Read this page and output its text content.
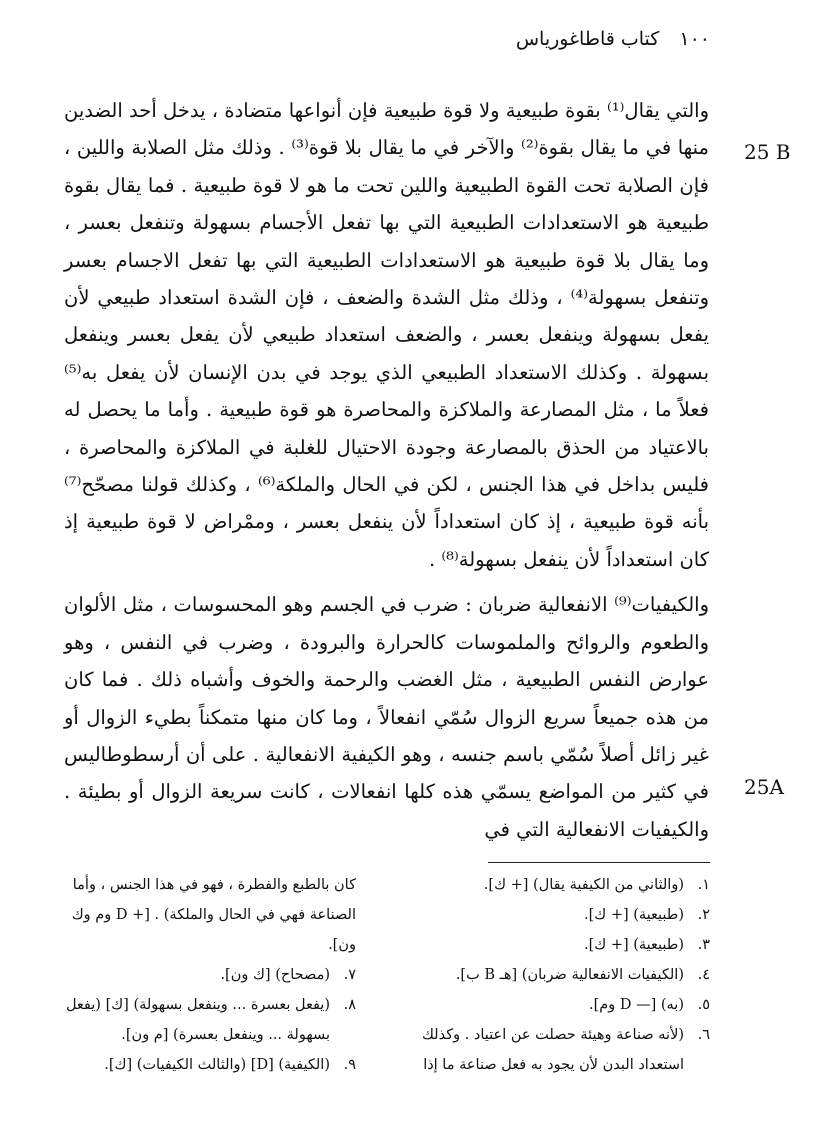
١٠٠ كتاب قاطاغورياس
25 B
25A

والتي يقال⁽¹⁾ بقوة طبيعية ولا قوة طبيعية فإن أنواعها متضادة ، يدخل أحد الضدين منها في ما يقال بقوة⁽²⁾ والآخر في ما يقال بلا قوة⁽³⁾ . وذلك مثل الصلابة واللين ، فإن الصلابة تحت القوة الطبيعية واللين تحت ما هو لا قوة طبيعية . فما يقال بقوة طبيعية هو الاستعدادات الطبيعية التي بها تفعل الأجسام بسهولة وتنفعل بعسر ، وما يقال بلا قوة طبيعية هو الاستعدادات الطبيعية التي بها تفعل الاجسام بعسر وتنفعل بسهولة⁽⁴⁾ ، وذلك مثل الشدة والضعف ، فإن الشدة استعداد طبيعي لأن يفعل بسهولة وينفعل بعسر ، والضعف استعداد طبيعي لأن يفعل بعسر وينفعل بسهولة . وكذلك الاستعداد الطبيعي الذي يوجد في بدن الإنسان لأن يفعل به⁽⁵⁾ فعلاً ما ، مثل المصارعة والملاكزة والمحاصرة هو قوة طبيعية . وأما ما يحصل له بالاعتياد من الحذق بالمصارعة وجودة الاحتيال للغلبة في الملاكزة والمحاصرة ، فليس بداخل في هذا الجنس ، لكن في الحال والملكة⁽⁶⁾ ، وكذلك قولنا مصحّح⁽⁷⁾ بأنه قوة طبيعية ، إذ كان استعداداً لأن ينفعل بعسر ، وممْراض لا قوة طبيعية إذ كان استعداداً لأن ينفعل بسهولة⁽⁸⁾ .

والكيفيات⁽⁹⁾ الانفعالية ضربان : ضرب في الجسم وهو المحسوسات ، مثل الألوان والطعوم والروائح والملموسات كالحرارة والبرودة ، وضرب في النفس ، وهو عوارض النفس الطبيعية ، مثل الغضب والرحمة والخوف وأشباه ذلك . فما كان من هذه جميعاً سريع الزوال سُمّي انفعالاً ، وما كان منها متمكناً بطيء الزوال أو غير زائل أصلاً سُمّي باسم جنسه ، وهو الكيفية الانفعالية . على أن أرسطوطاليس في كثير من المواضع يسمّي هذه كلها انفعالات ، كانت سريعة الزوال أو بطيئة . والكيفيات الانفعالية التي في

١.
(والثاني من الكيفية يقال) [+ ك].
٢.
(طبيعية) [+ ك].
٣.
(طبيعية) [+ ك].
٤.
(الكيفيات الانفعالية ضربان) [هـ B ب].
٥.
(به) [— D وم].
٦.
(لأنه صناعة وهيئة حصلت عن اعتياد . وكذلك
استعداد البدن لأن يجود به فعل صناعة ما إذا
كان بالطبع والفطرة ، فهو في هذا الجنس ، وأما
الصناعة فهي في الحال والملكة) . [+ D وم وك
ون].
٧.
(مصحاح) [ك ون].
٨.
(يفعل بعسرة ... وينفعل بسهولة) [ك] (يفعل
بسهولة ... وينفعل بعسرة) [م ون].
٩.
(الكيفية) [D] (والثالث الكيفيات) [ك].
